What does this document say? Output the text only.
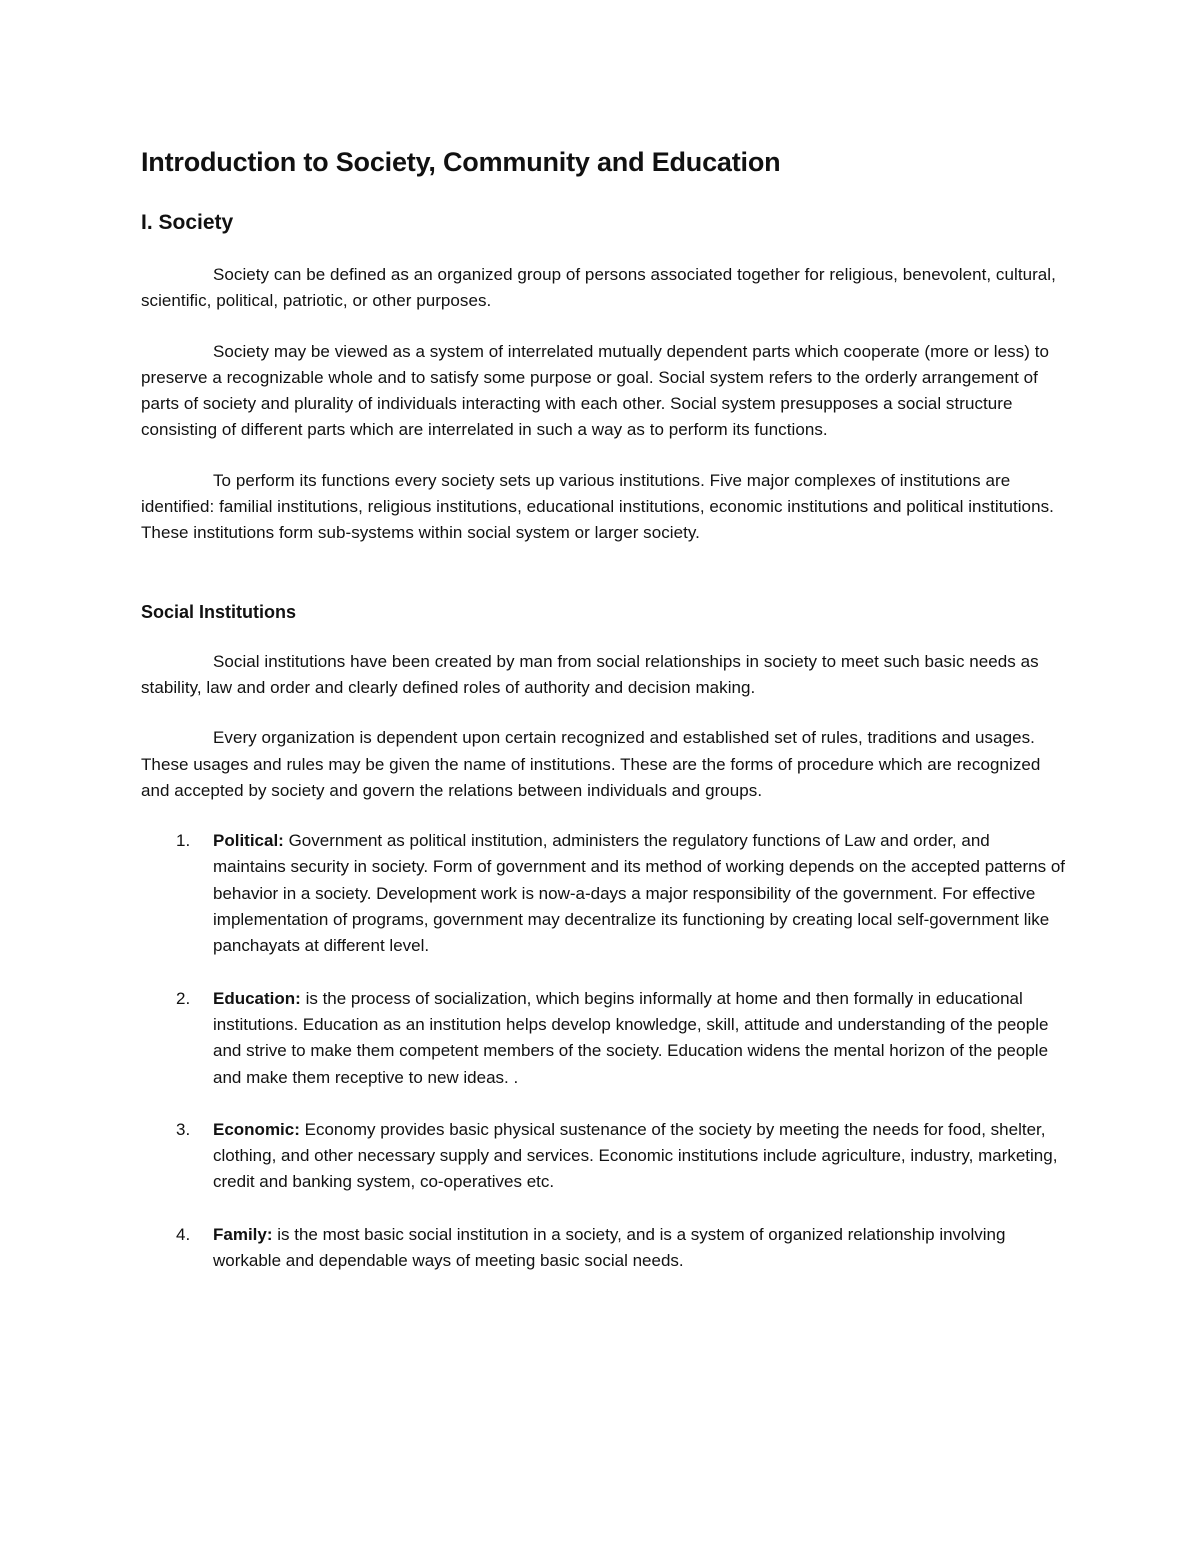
Introduction to Society, Community and Education
I. Society

Society can be defined as an organized group of persons associated together for religious, benevolent, cultural, scientific, political, patriotic, or other purposes.

Society may be viewed as a system of interrelated mutually dependent parts which cooperate (more or less) to preserve a recognizable whole and to satisfy some purpose or goal. Social system refers to the orderly arrangement of parts of society and plurality of individuals interacting with each other. Social system presupposes a social structure consisting of different parts which are interrelated in such a way as to perform its functions.

To perform its functions every society sets up various institutions. Five major complexes of institutions are identified: familial institutions, religious institutions, educational institutions, economic institutions and political institutions. These institutions form sub-systems within social system or larger society.

Social Institutions

Social institutions have been created by man from social relationships in society to meet such basic needs as stability, law and order and clearly defined roles of authority and decision making.

Every organization is dependent upon certain recognized and established set of rules, traditions and usages. These usages and rules may be given the name of institutions. These are the forms of procedure which are recognized and accepted by society and govern the relations between individuals and groups.

1. Political: Government as political institution, administers the regulatory functions of Law and order, and maintains security in society. Form of government and its method of working depends on the accepted patterns of behavior in a society. Development work is now-a-days a major responsibility of the government. For effective implementation of programs, government may decentralize its functioning by creating local self-government like panchayats at different level.
2. Education: is the process of socialization, which begins informally at home and then formally in educational institutions. Education as an institution helps develop knowledge, skill, attitude and understanding of the people and strive to make them competent members of the society. Education widens the mental horizon of the people and make them receptive to new ideas. .
3. Economic: Economy provides basic physical sustenance of the society by meeting the needs for food, shelter, clothing, and other necessary supply and services. Economic institutions include agriculture, industry, marketing, credit and banking system, co-operatives etc.
4. Family: is the most basic social institution in a society, and is a system of organized relationship involving workable and dependable ways of meeting basic social needs.
